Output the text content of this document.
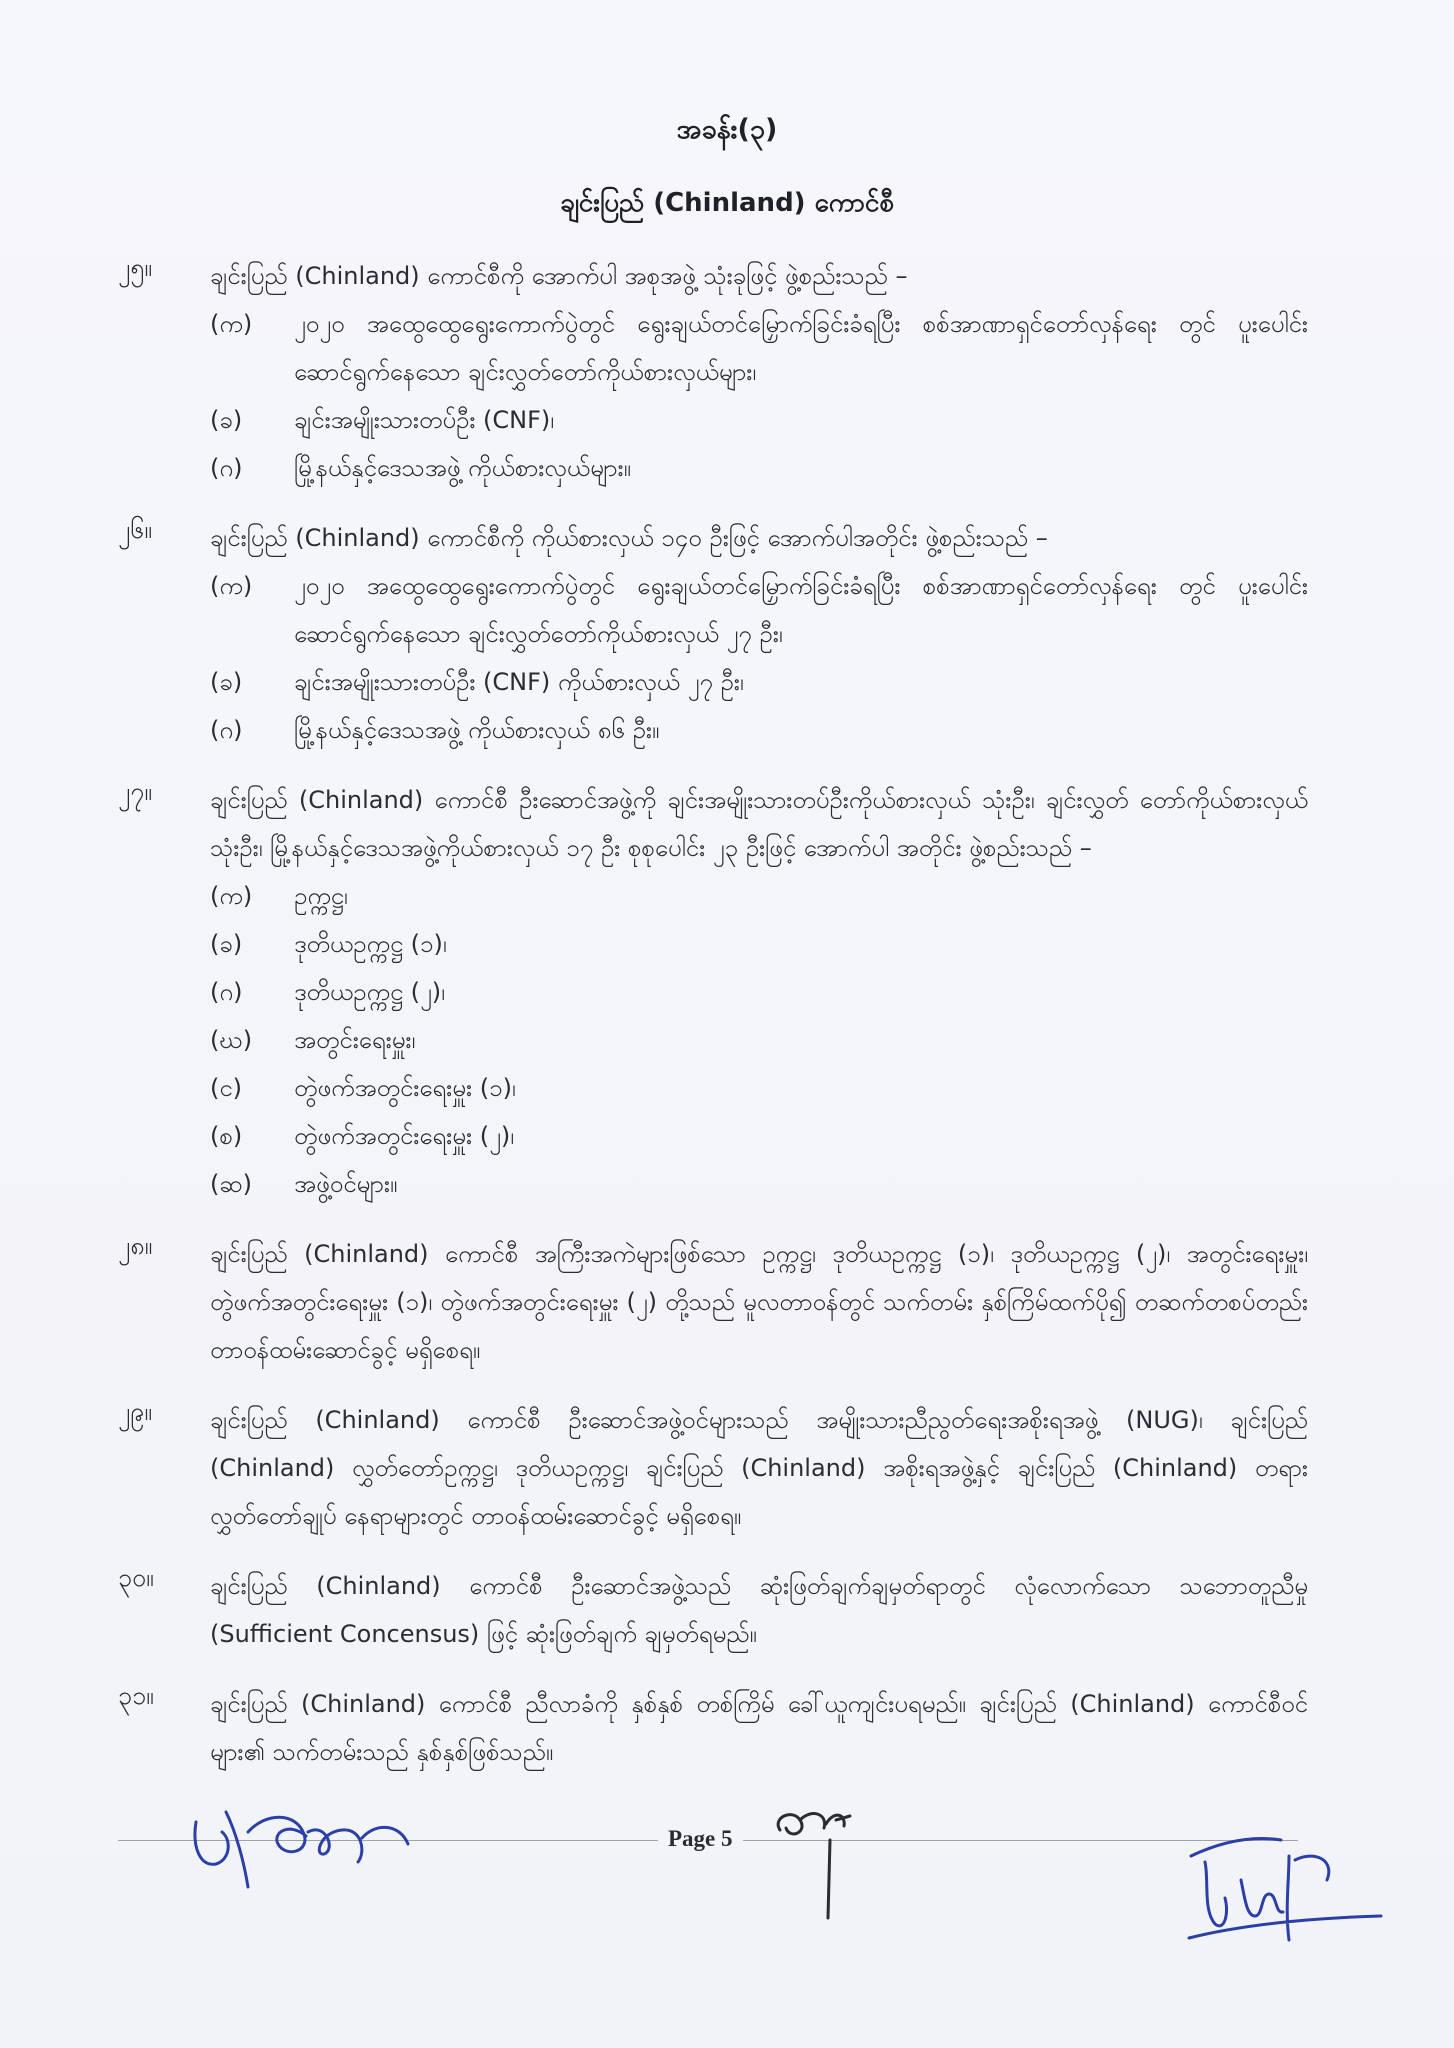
အခန်း(၃)
ချင်းပြည် (Chinland) ကောင်စီ
၂၅။	ချင်းပြည် (Chinland) ကောင်စီကို အောက်ပါ အစုအဖွဲ့ သုံးခုဖြင့် ဖွဲ့စည်းသည် –
(က)	၂၀၂၀ အထွေထွေရွေးကောက်ပွဲတွင် ရွေးချယ်တင်မြှောက်ခြင်းခံရပြီး စစ်အာဏာရှင်တော်လှန်ရေး တွင် ပူးပေါင်းဆောင်ရွက်နေသော ချင်းလွှတ်တော်ကိုယ်စားလှယ်များ၊
(ခ)	ချင်းအမျိုးသားတပ်ဦး (CNF)၊
(ဂ)	မြို့နယ်နှင့်ဒေသအဖွဲ့ ကိုယ်စားလှယ်များ။
၂၆။	ချင်းပြည် (Chinland) ကောင်စီကို ကိုယ်စားလှယ် ၁၄၀ ဦးဖြင့် အောက်ပါအတိုင်း ဖွဲ့စည်းသည် –
(က)	၂၀၂၀ အထွေထွေရွေးကောက်ပွဲတွင် ရွေးချယ်တင်မြှောက်ခြင်းခံရပြီး စစ်အာဏာရှင်တော်လှန်ရေး တွင် ပူးပေါင်းဆောင်ရွက်နေသော ချင်းလွှတ်တော်ကိုယ်စားလှယ် ၂၇ ဦး၊
(ခ)	ချင်းအမျိုးသားတပ်ဦး (CNF) ကိုယ်စားလှယ် ၂၇ ဦး၊
(ဂ)	မြို့နယ်နှင့်ဒေသအဖွဲ့ ကိုယ်စားလှယ် ၈၆ ဦး။
၂၇။	ချင်းပြည် (Chinland) ကောင်စီ ဦးဆောင်အဖွဲ့ကို ချင်းအမျိုးသားတပ်ဦးကိုယ်စားလှယ် သုံးဦး၊ ချင်းလွှတ် တော်ကိုယ်စားလှယ် သုံးဦး၊ မြို့နယ်နှင့်ဒေသအဖွဲ့ကိုယ်စားလှယ် ၁၇ ဦး စုစုပေါင်း ၂၃ ဦးဖြင့် အောက်ပါ အတိုင်း ဖွဲ့စည်းသည် –
(က)	ဥက္ကဋ္ဌ၊
(ခ)	ဒုတိယဥက္ကဋ္ဌ (၁)၊
(ဂ)	ဒုတိယဥက္ကဋ္ဌ (၂)၊
(ဃ)	အတွင်းရေးမှူး၊
(င)	တွဲဖက်အတွင်းရေးမှူး (၁)၊
(စ)	တွဲဖက်အတွင်းရေးမှူး (၂)၊
(ဆ)	အဖွဲ့ဝင်များ။
၂၈။	ချင်းပြည် (Chinland) ကောင်စီ အကြီးအကဲများဖြစ်သော ဥက္ကဋ္ဌ၊ ဒုတိယဥက္ကဋ္ဌ (၁)၊ ဒုတိယဥက္ကဋ္ဌ (၂)၊ အတွင်းရေးမှူး၊ တွဲဖက်အတွင်းရေးမှူး (၁)၊ တွဲဖက်အတွင်းရေးမှူး (၂) တို့သည် မူလတာဝန်တွင် သက်တမ်း နှစ်ကြိမ်ထက်ပို၍ တဆက်တစပ်တည်း တာဝန်ထမ်းဆောင်ခွင့် မရှိစေရ။
၂၉။	ချင်းပြည် (Chinland) ကောင်စီ ဦးဆောင်အဖွဲ့ဝင်များသည် အမျိုးသားညီညွတ်ရေးအစိုးရအဖွဲ့ (NUG)၊ ချင်းပြည် (Chinland) လွှတ်တော်ဥက္ကဋ္ဌ၊ ဒုတိယဥက္ကဋ္ဌ၊ ချင်းပြည် (Chinland) အစိုးရအဖွဲ့နှင့် ချင်းပြည် (Chinland) တရားလွှတ်တော်ချုပ် နေရာများတွင် တာဝန်ထမ်းဆောင်ခွင့် မရှိစေရ။
၃၀။	ချင်းပြည် (Chinland) ကောင်စီ ဦးဆောင်အဖွဲ့သည် ဆုံးဖြတ်ချက်ချမှတ်ရာတွင် လုံလောက်သော သဘောတူညီမှု (Sufficient Concensus) ဖြင့် ဆုံးဖြတ်ချက် ချမှတ်ရမည်။
၃၁။	ချင်းပြည် (Chinland) ကောင်စီ ညီလာခံကို နှစ်နှစ် တစ်ကြိမ် ခေါ်ယူကျင်းပရမည်။ ချင်းပြည် (Chinland) ကောင်စီဝင်များ၏ သက်တမ်းသည် နှစ်နှစ်ဖြစ်သည်။
Page 5
